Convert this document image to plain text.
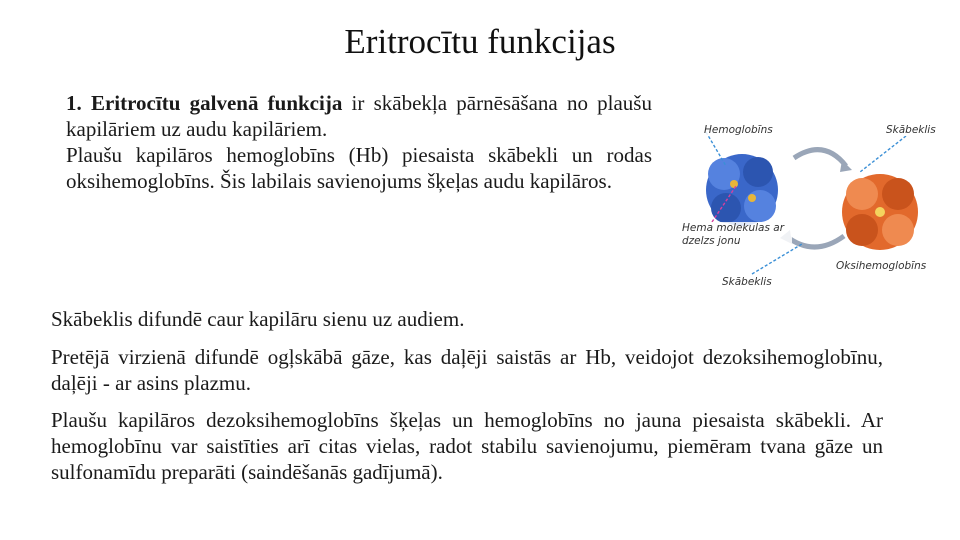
Eritrocītu funkcijas
1. Eritrocītu galvenā funkcija ir skābekļa pārnēsāšana no plaušu kapilāriem uz audu kapilāriem.
Plaušu kapilāros hemoglobīns (Hb) piesaista skābekli un rodas oksihemoglobīns. Šis labilais savienojums šķeļas audu kapilāros.
Hemoglobīns	Skābeklis
Hema molekulas ar dzelzs jonu
Oksihemoglobīns
Skābeklis
Skābeklis difundē caur kapilāru sienu uz audiem.
Pretējā virzienā difundē ogļskābā gāze, kas daļēji saistās ar Hb, veidojot dezoksihemoglobīnu, daļēji - ar asins plazmu.
Plaušu kapilāros dezoksihemoglobīns šķeļas un hemoglobīns no jauna piesaista skābekli. Ar hemoglobīnu var saistīties arī citas vielas, radot stabilu savienojumu, piemēram tvana gāze un sulfonamīdu preparāti (saindēšanās gadījumā).
